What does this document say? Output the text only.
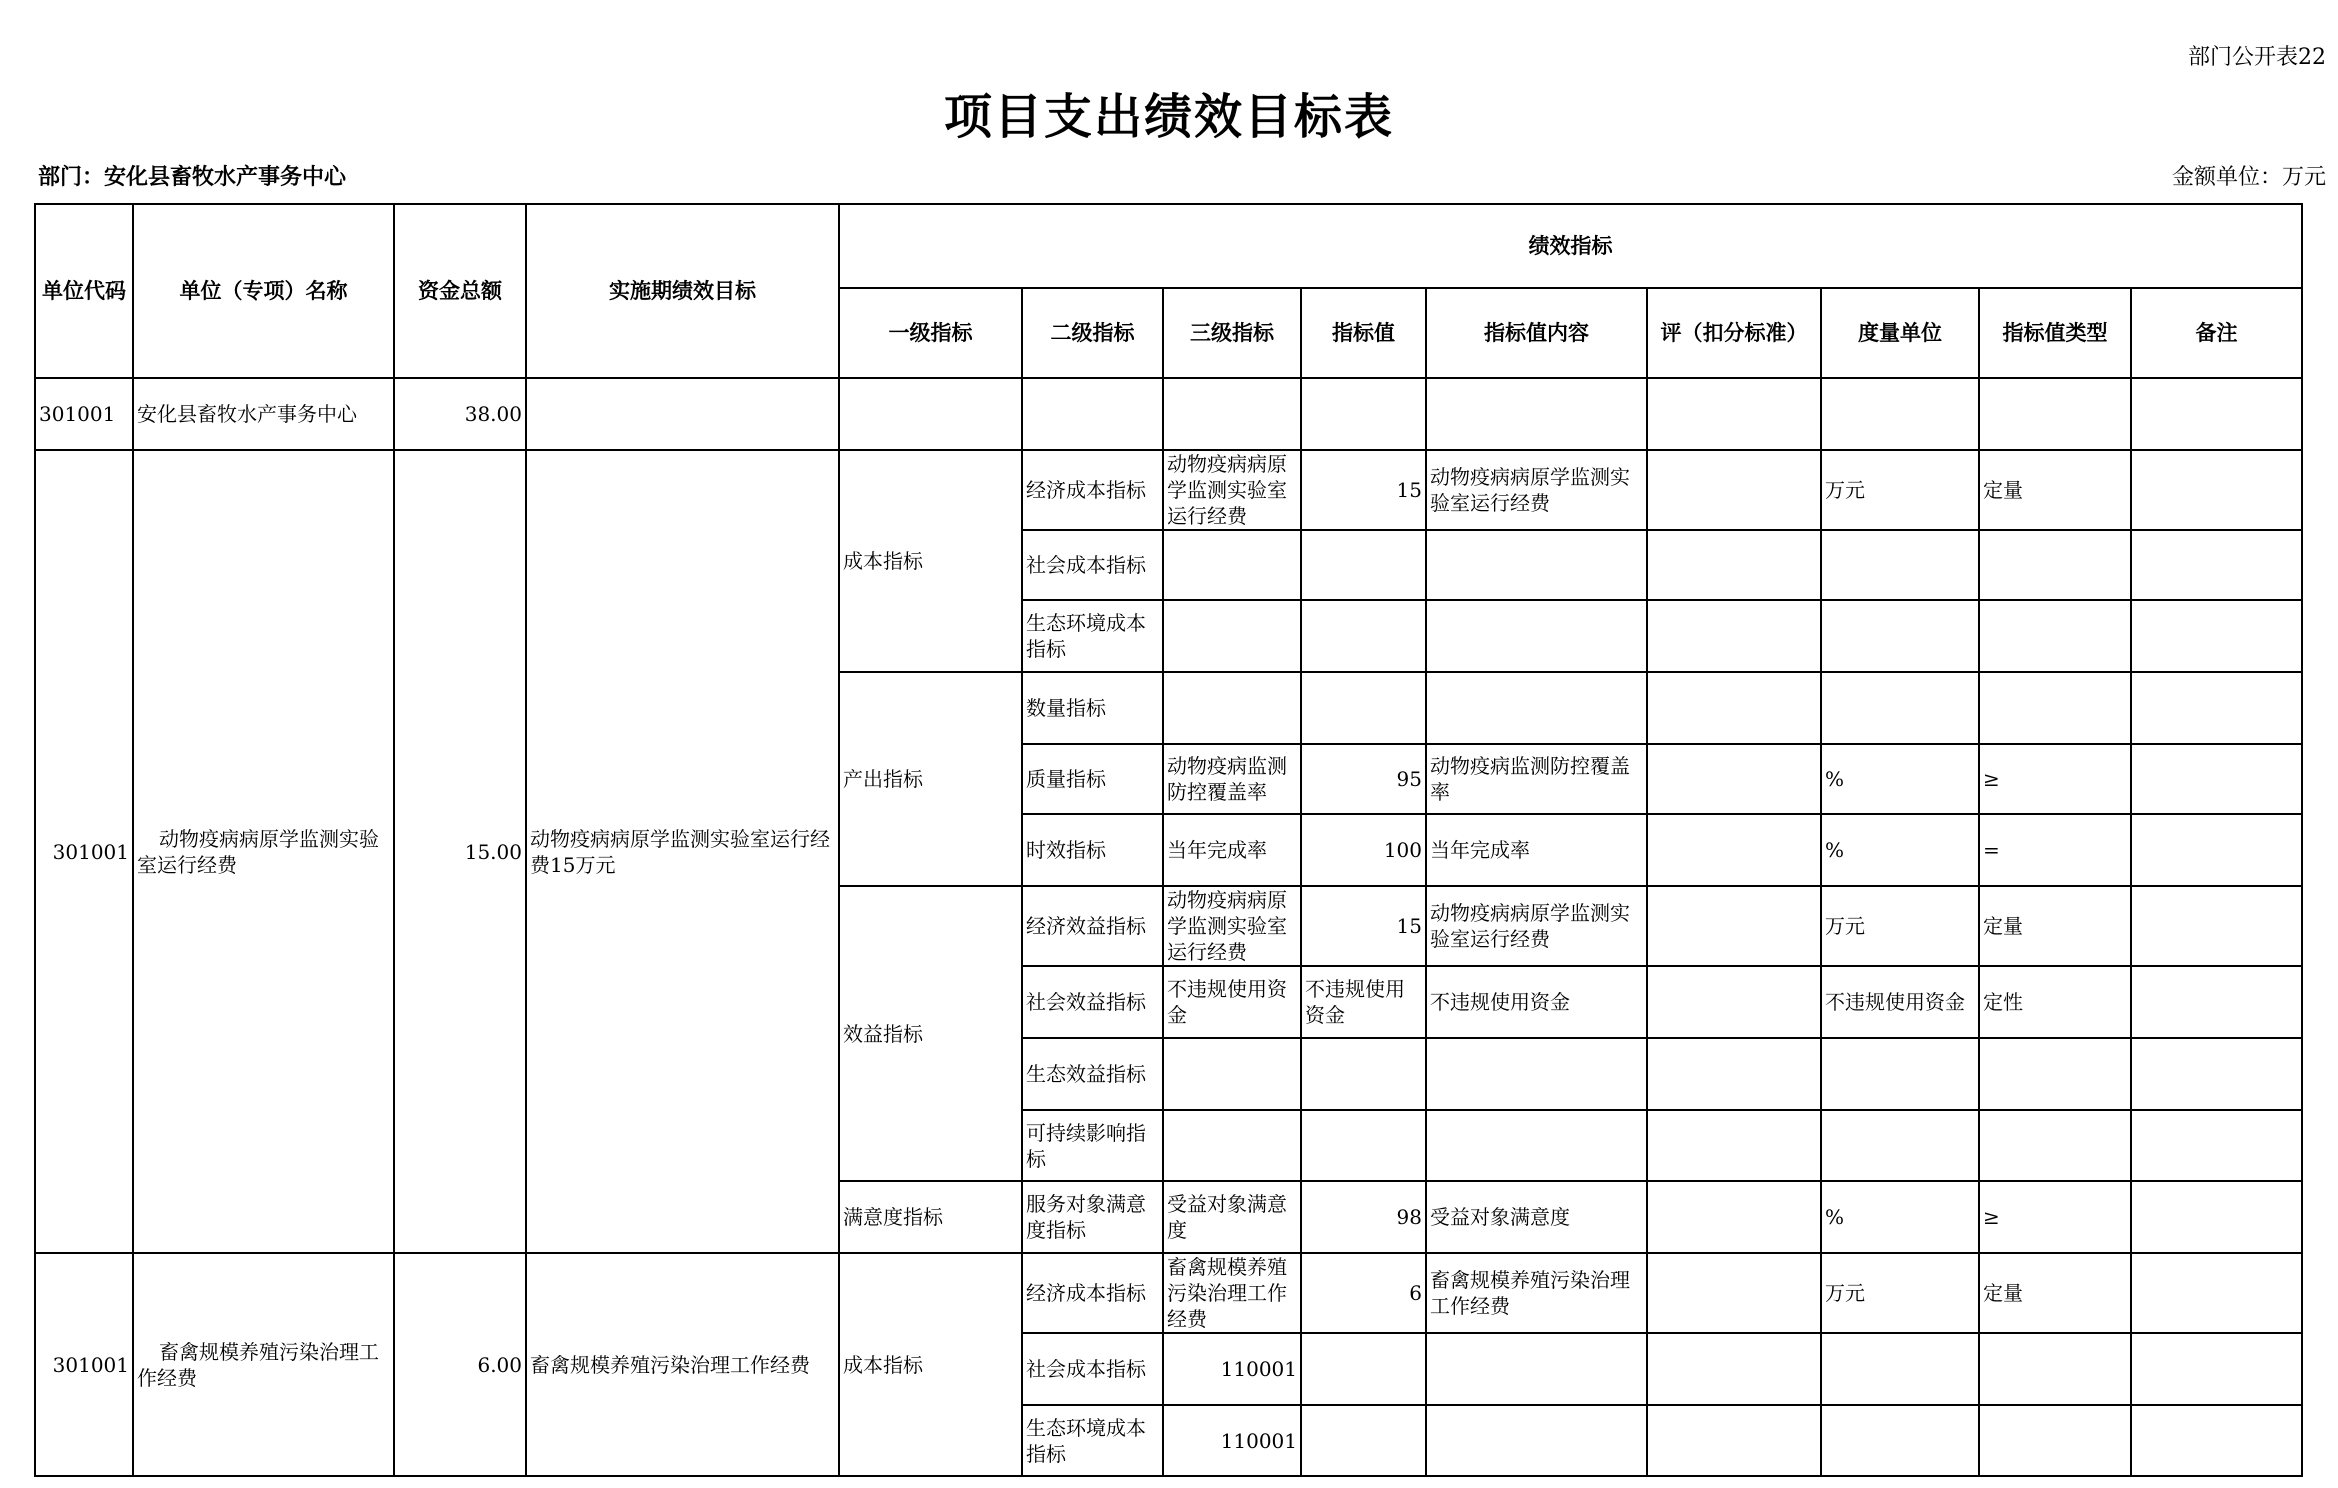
部门公开表22
项目支出绩效目标表
部门：安化县畜牧水产事务中心	金额单位：万元
单位代码	单位（专项）名称	资金总额	实施期绩效目标	绩效指标								
				一级指标	二级指标	三级指标	指标值	指标值内容	评（扣分标准）	度量单位	指标值类型	备注
301001	安化县畜牧水产事务中心	38.00										
301001	动物疫病病原学监测实验室运行经费	15.00	动物疫病病原学监测实验室运行经费15万元	成本指标	经济成本指标	动物疫病病原学监测实验室运行经费	15	动物疫病病原学监测实验室运行经费		万元	定量	
					社会成本指标							
					生态环境成本指标							
				产出指标	数量指标							
					质量指标	动物疫病监测防控覆盖率	95	动物疫病监测防控覆盖率		%	≥	
					时效指标	当年完成率	100	当年完成率		%	=	
				效益指标	经济效益指标	动物疫病病原学监测实验室运行经费	15	动物疫病病原学监测实验室运行经费		万元	定量	
					社会效益指标	不违规使用资金	不违规使用资金	不违规使用资金		不违规使用资金	定性	
					生态效益指标							
					可持续影响指标							
				满意度指标	服务对象满意度指标	受益对象满意度	98	受益对象满意度		%	≥	
301001	畜禽规模养殖污染治理工作经费	6.00	畜禽规模养殖污染治理工作经费	成本指标	经济成本指标	畜禽规模养殖污染治理工作经费	6	畜禽规模养殖污染治理工作经费		万元	定量	
					社会成本指标	110001						
					生态环境成本指标	110001						
